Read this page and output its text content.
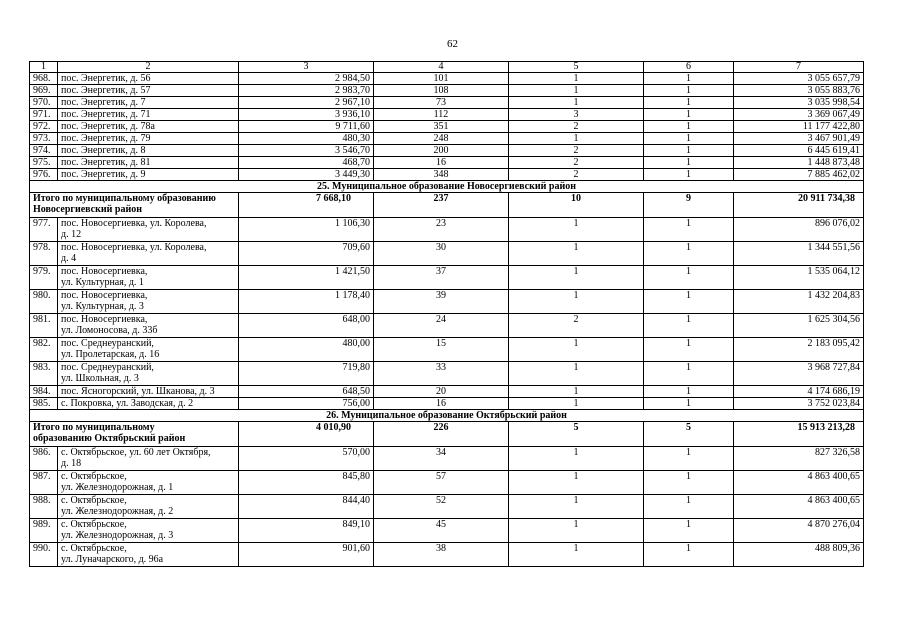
62
1	2	3	4	5	6	7
968.	пос. Энергетик, д. 56	2 984,50	101	1	1	3 055 657,79
969.	пос. Энергетик, д. 57	2 983,70	108	1	1	3 055 883,76
970.	пос. Энергетик, д. 7	2 967,10	73	1	1	3 035 998,54
971.	пос. Энергетик, д. 71	3 936,10	112	3	1	3 369 067,49
972.	пос. Энергетик, д. 78а	9 711,60	351	2	1	11 177 422,80
973.	пос. Энергетик, д. 79	480,30	248	1	1	3 467 901,49
974.	пос. Энергетик, д. 8	3 546,70	200	2	1	6 445 619,41
975.	пос. Энергетик, д. 81	468,70	16	2	1	1 448 873,48
976.	пос. Энергетик, д. 9	3 449,30	348	2	1	7 885 462,02
25. Муниципальное образование Новосергиевский район						

Итого по муниципальному образованию
Новосергиевский район		7 668,10	237	10	9	20 911 734,38
977.	пос. Новосергиевка, ул. Королева,
д. 12	1 106,30	23	1	1	896 076,02
978.	пос. Новосергиевка, ул. Королева,
д. 4	709,60	30	1	1	1 344 551,56
979.	пос. Новосергиевка,
ул. Культурная, д. 1	1 421,50	37	1	1	1 535 064,12
980.	пос. Новосергиевка,
ул. Культурная, д. 3	1 178,40	39	1	1	1 432 204,83
981.	пос. Новосергиевка,
ул. Ломоносова, д. 33б	648,00	24	2	1	1 625 304,56
982.	пос. Среднеуранский,
ул. Пролетарская, д. 16	480,00	15	1	1	2 183 095,42
983.	пос. Среднеуранский,
ул. Школьная, д. 3	719,80	33	1	1	3 968 727,84
984.	пос. Ясногорский, ул. Шканова, д. 3	648,50	20	1	1	4 174 686,19
985.	с. Покровка, ул. Заводская, д. 2	756,00	16	1	1	3 752 023,84
26. Муниципальное образование Октябрьский район						

Итого по муниципальному
образованию Октябрьский район		4 010,90	226	5	5	15 913 213,28
986.	с. Октябрьское, ул. 60 лет Октября,
д. 18	570,00	34	1	1	827 326,58
987.	с. Октябрьское,
ул. Железнодорожная, д. 1	845,80	57	1	1	4 863 400,65
988.	с. Октябрьское,
ул. Железнодорожная, д. 2	844,40	52	1	1	4 863 400,65
989.	с. Октябрьское,
ул. Железнодорожная, д. 3	849,10	45	1	1	4 870 276,04
990.	с. Октябрьское,
ул. Луначарского, д. 96а	901,60	38	1	1	488 809,36
